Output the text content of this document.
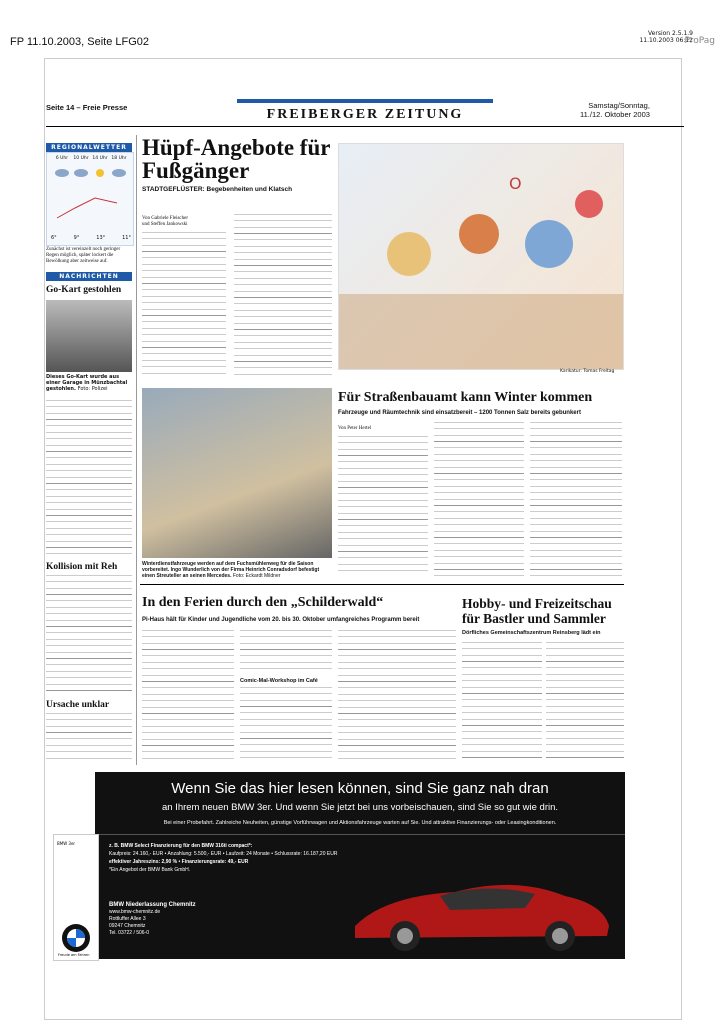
FP 11.10.2003, Seite LFG02
Version 2.5.1.9
11.10.2003 06:12
ProPag
Seite 14 – Freie Presse	FREIBERGER ZEITUNG
Samstag/Sonntag,
11./12. Oktober 2003
REGIONALWETTER
6 Uhr	10 Uhr 14 Uhr 18 Uhr
6°	9°	13°	11°
Zunächst ist vereinzelt noch geringer Regen möglich, später lockert die Bewölkung aber zeitweise auf.
NACHRICHTEN
Go-Kart gestohlen
Dieses Go-Kart wurde aus einer Garage in Münzbachtal gestohlen. Foto: Polizei
Kollision mit Reh
Ursache unklar
Hüpf-Angebote für Fußgänger
STADTGEFLÜSTER: Begebenheiten und Klatsch
Von Gabriele Fleischer
und Steffen Jankowski
O
Karikatur: Tomas Freitag
Winterdienstfahrzeuge werden auf dem Fuchsmühlenweg für die Saison vorbereitet. Ingo Wunderlich von der Firma Heinrich Conradsdorf befestigt einen Streuteller an seinen Mercedes. Foto: Eckardt Mildner
Für Straßenbauamt kann Winter kommen
Fahrzeuge und Räumtechnik sind einsatzbereit – 1200 Tonnen Salz bereits gebunkert
Von Peter Hertel
In den Ferien durch den „Schilderwald“
Pi-Haus hält für Kinder und Jugendliche vom 20. bis 30. Oktober umfangreiches Programm bereit
Comic-Mal-Workshop im Café
Hobby- und Freizeitschau für Bastler und Sammler
Dörfliches Gemeinschaftszentrum Reinsberg lädt ein
Wenn Sie das hier lesen können, sind Sie ganz nah dran
an Ihrem neuen BMW 3er. Und wenn Sie jetzt bei uns vorbeischauen, sind Sie so gut wie drin.
Bei einer Probefahrt. Zahlreiche Neuheiten, günstige Vorführwagen und Aktionsfahrzeuge warten auf Sie. Und attraktive Finanzierungs- oder Leasingkonditionen.
BMW 3er
Freude am Fahren
z. B. BMW Select Finanzierung für den BMW 316ti compact*:
Kaufpreis: 24.160,- EUR • Anzahlung: 5.500,- EUR • Laufzeit: 24 Monate • Schlussrate: 16.187,20 EUR
effektiver Jahreszins: 2,90 % • Finanzierungsrate: 49,- EUR
*Ein Angebot der BMW Bank GmbH.
BMW Niederlassung Chemnitz
www.bmw-chemnitz.de
Rottluffer Allee 3
09247 Chemnitz
Tel. 03722 / 506-0
